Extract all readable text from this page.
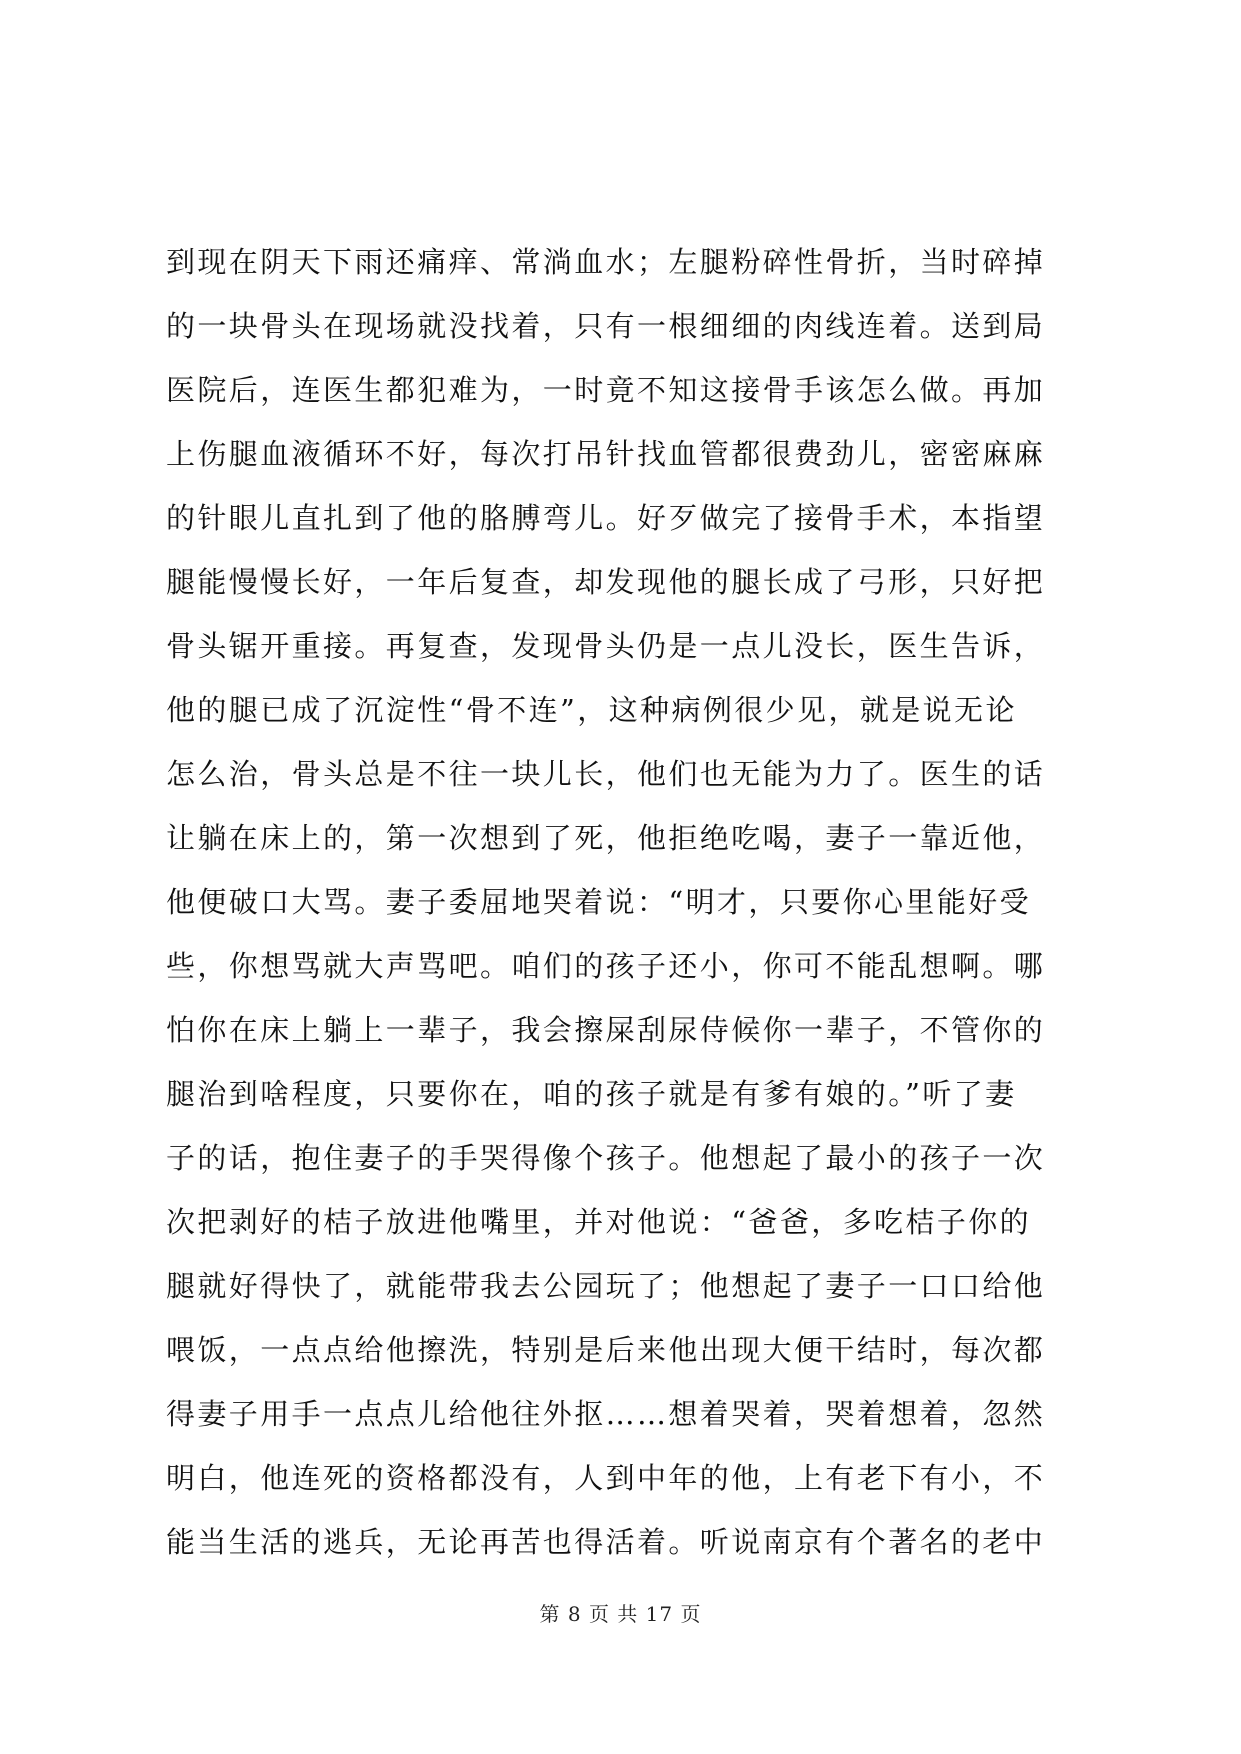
到现在阴天下雨还痛痒、常淌血水；左腿粉碎性骨折，当时碎掉
的一块骨头在现场就没找着，只有一根细细的肉线连着。送到局
医院后，连医生都犯难为，一时竟不知这接骨手该怎么做。再加
上伤腿血液循环不好，每次打吊针找血管都很费劲儿，密密麻麻
的针眼儿直扎到了他的胳膊弯儿。好歹做完了接骨手术，本指望
腿能慢慢长好，一年后复查，却发现他的腿长成了弓形，只好把
骨头锯开重接。再复查，发现骨头仍是一点儿没长，医生告诉，
他的腿已成了沉淀性“骨不连”，这种病例很少见，就是说无论
怎么治，骨头总是不往一块儿长，他们也无能为力了。医生的话
让躺在床上的，第一次想到了死，他拒绝吃喝，妻子一靠近他，
他便破口大骂。妻子委屈地哭着说：“明才，只要你心里能好受
些，你想骂就大声骂吧。咱们的孩子还小，你可不能乱想啊。哪
怕你在床上躺上一辈子，我会擦屎刮尿侍候你一辈子，不管你的
腿治到啥程度，只要你在，咱的孩子就是有爹有娘的。”听了妻
子的话，抱住妻子的手哭得像个孩子。他想起了最小的孩子一次
次把剥好的桔子放进他嘴里，并对他说：“爸爸，多吃桔子你的
腿就好得快了，就能带我去公园玩了；他想起了妻子一口口给他
喂饭，一点点给他擦洗，特别是后来他出现大便干结时，每次都
得妻子用手一点点儿给他往外抠……想着哭着，哭着想着，忽然
明白，他连死的资格都没有，人到中年的他，上有老下有小，不
能当生活的逃兵，无论再苦也得活着。听说南京有个著名的老中
第 8 页 共 17 页
